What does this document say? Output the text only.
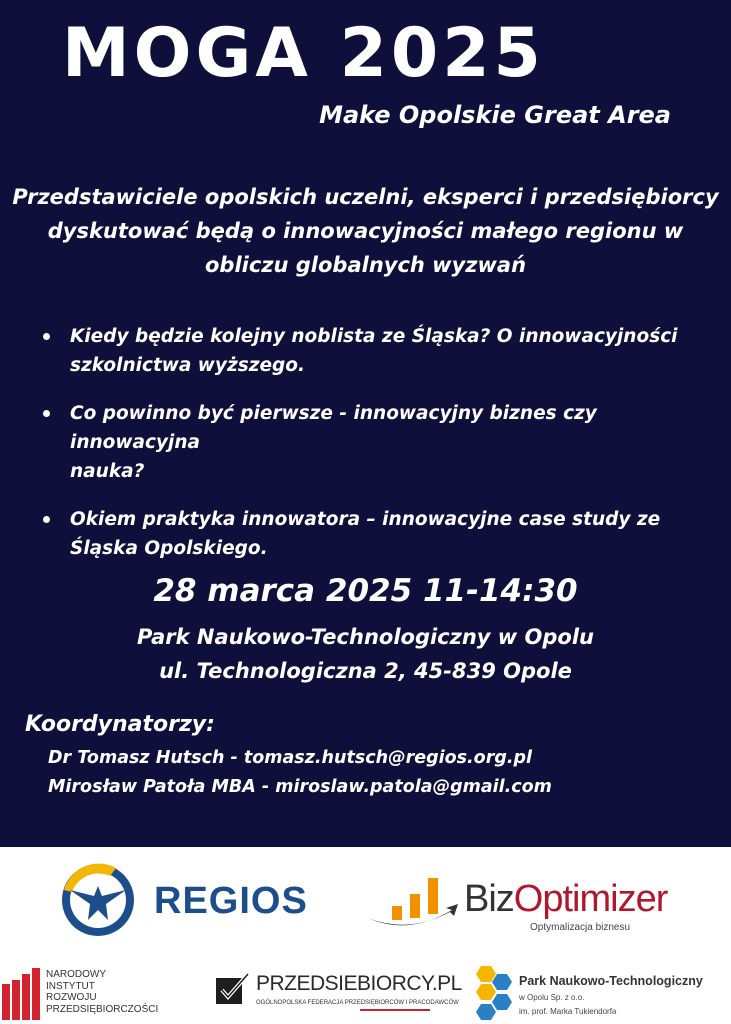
MOGA 2025
Make Opolskie Great Area
Przedstawiciele opolskich uczelni, eksperci i przedsiębiorcy
dyskutować będą o innowacyjności małego regionu w
obliczu globalnych wyzwań
Kiedy będzie kolejny noblista ze Śląska? O innowacyjności
szkolnictwa wyższego.
Co powinno być pierwsze - innowacyjny biznes czy innowacyjna
nauka?
Okiem praktyka innowatora – innowacyjne case study ze
Śląska Opolskiego.
28 marca 2025 11-14:30
Park Naukowo-Technologiczny w Opolu
ul. Technologiczna 2, 45-839 Opole
Koordynatorzy:
Dr Tomasz Hutsch - tomasz.hutsch@regios.org.pl
Mirosław Patoła MBA - miroslaw.patola@gmail.com
REGIOS	BizOptimizer
Optymalizacja biznesu
NARODOWY
INSTYTUT
ROZWOJU
PRZEDSIĘBIORCZOŚCI
PRZEDSIEBIORCY.PL
OGÓLNOPOLSKA FEDERACJA PRZEDSIĘBIORCÓW I PRACODAWCÓW
Park Naukowo-Technologiczny
w Opolu Sp. z o.o.
im. prof. Marka Tukiendorfa
